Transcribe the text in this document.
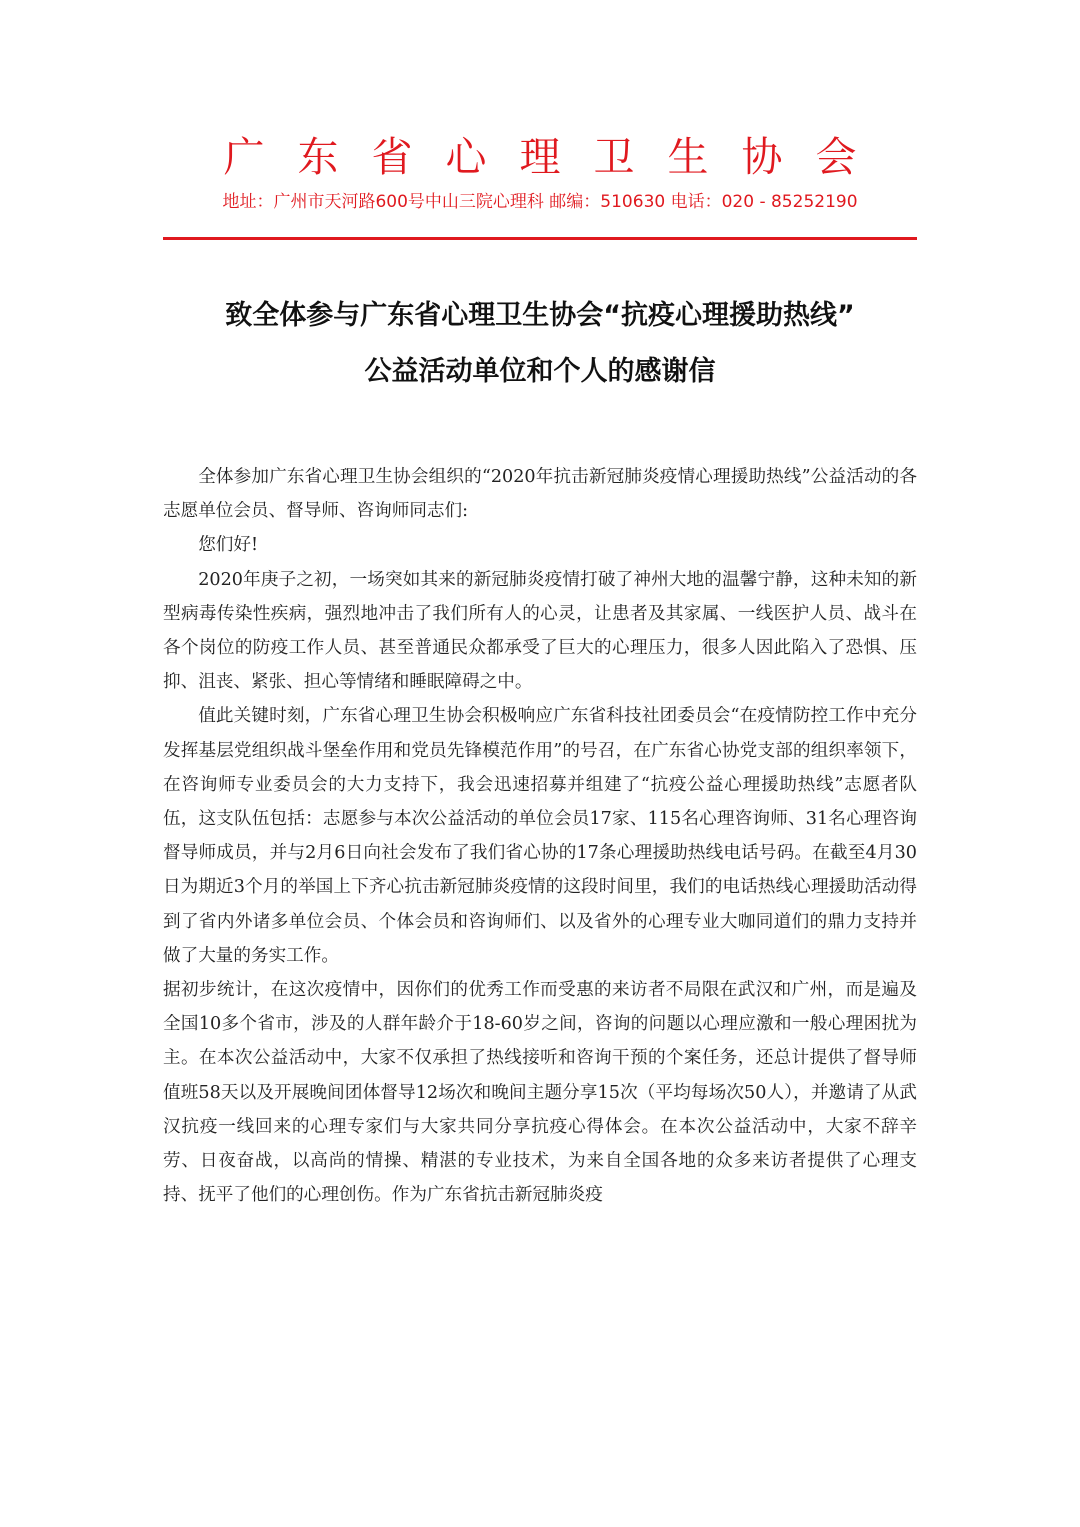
广东省心理卫生协会
地址：广州市天河路600号中山三院心理科 邮编：510630 电话：020 - 85252190
致全体参与广东省心理卫生协会“抗疫心理援助热线”
公益活动单位和个人的感谢信

全体参加广东省心理卫生协会组织的“2020年抗击新冠肺炎疫情心理援助热线”公益活动的各志愿单位会员、督导师、咨询师同志们:

您们好!

2020年庚子之初，一场突如其来的新冠肺炎疫情打破了神州大地的温馨宁静，这种未知的新型病毒传染性疾病，强烈地冲击了我们所有人的心灵，让患者及其家属、一线医护人员、战斗在各个岗位的防疫工作人员、甚至普通民众都承受了巨大的心理压力，很多人因此陷入了恐惧、压抑、沮丧、紧张、担心等情绪和睡眠障碍之中。

值此关键时刻，广东省心理卫生协会积极响应广东省科技社团委员会“在疫情防控工作中充分发挥基层党组织战斗堡垒作用和党员先锋模范作用”的号召，在广东省心协党支部的组织率领下，在咨询师专业委员会的大力支持下，我会迅速招募并组建了“抗疫公益心理援助热线”志愿者队伍，这支队伍包括：志愿参与本次公益活动的单位会员17家、115名心理咨询师、31名心理咨询督导师成员，并与2月6日向社会发布了我们省心协的17条心理援助热线电话号码。在截至4月30日为期近3个月的举国上下齐心抗击新冠肺炎疫情的这段时间里，我们的电话热线心理援助活动得到了省内外诸多单位会员、个体会员和咨询师们、以及省外的心理专业大咖同道们的鼎力支持并做了大量的务实工作。

据初步统计，在这次疫情中，因你们的优秀工作而受惠的来访者不局限在武汉和广州，而是遍及全国10多个省市，涉及的人群年龄介于18-60岁之间，咨询的问题以心理应激和一般心理困扰为主。在本次公益活动中，大家不仅承担了热线接听和咨询干预的个案任务，还总计提供了督导师值班58天以及开展晚间团体督导12场次和晚间主题分享15次（平均每场次50人），并邀请了从武汉抗疫一线回来的心理专家们与大家共同分享抗疫心得体会。在本次公益活动中，大家不辞辛劳、日夜奋战，以高尚的情操、精湛的专业技术，为来自全国各地的众多来访者提供了心理支持、抚平了他们的心理创伤。作为广东省抗击新冠肺炎疫
